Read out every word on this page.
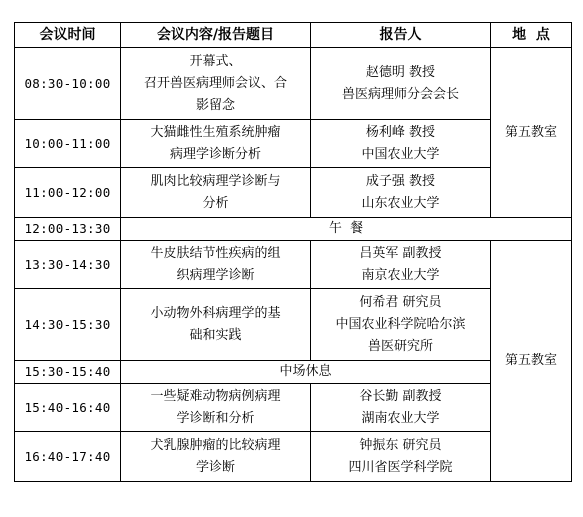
会议时间	会议内容/报告题目	报告人	地  点
08:30-10:00	开幕式、
召开兽医病理师会议、合
影留念	赵德明 教授
兽医病理师分会会长	第五教室
10:00-11:00	大猫雌性生殖系统肿瘤
病理学诊断分析	杨利峰 教授
中国农业大学	

11:00-12:00	肌肉比较病理学诊断与
分析	成子强 教授
山东农业大学	

12:00-13:30	午  餐		
13:30-14:30	牛皮肤结节性疾病的组
织病理学诊断	吕英军 副教授
南京农业大学	第五教室
14:30-15:30	小动物外科病理学的基
础和实践	何希君 研究员
中国农业科学院哈尔滨
兽医研究所	

15:30-15:40	中场休息		
15:40-16:40	一些疑难动物病例病理
学诊断和分析	谷长勤 副教授
湖南农业大学	

16:40-17:40	犬乳腺肿瘤的比较病理
学诊断	钟振东 研究员
四川省医学科学院	
